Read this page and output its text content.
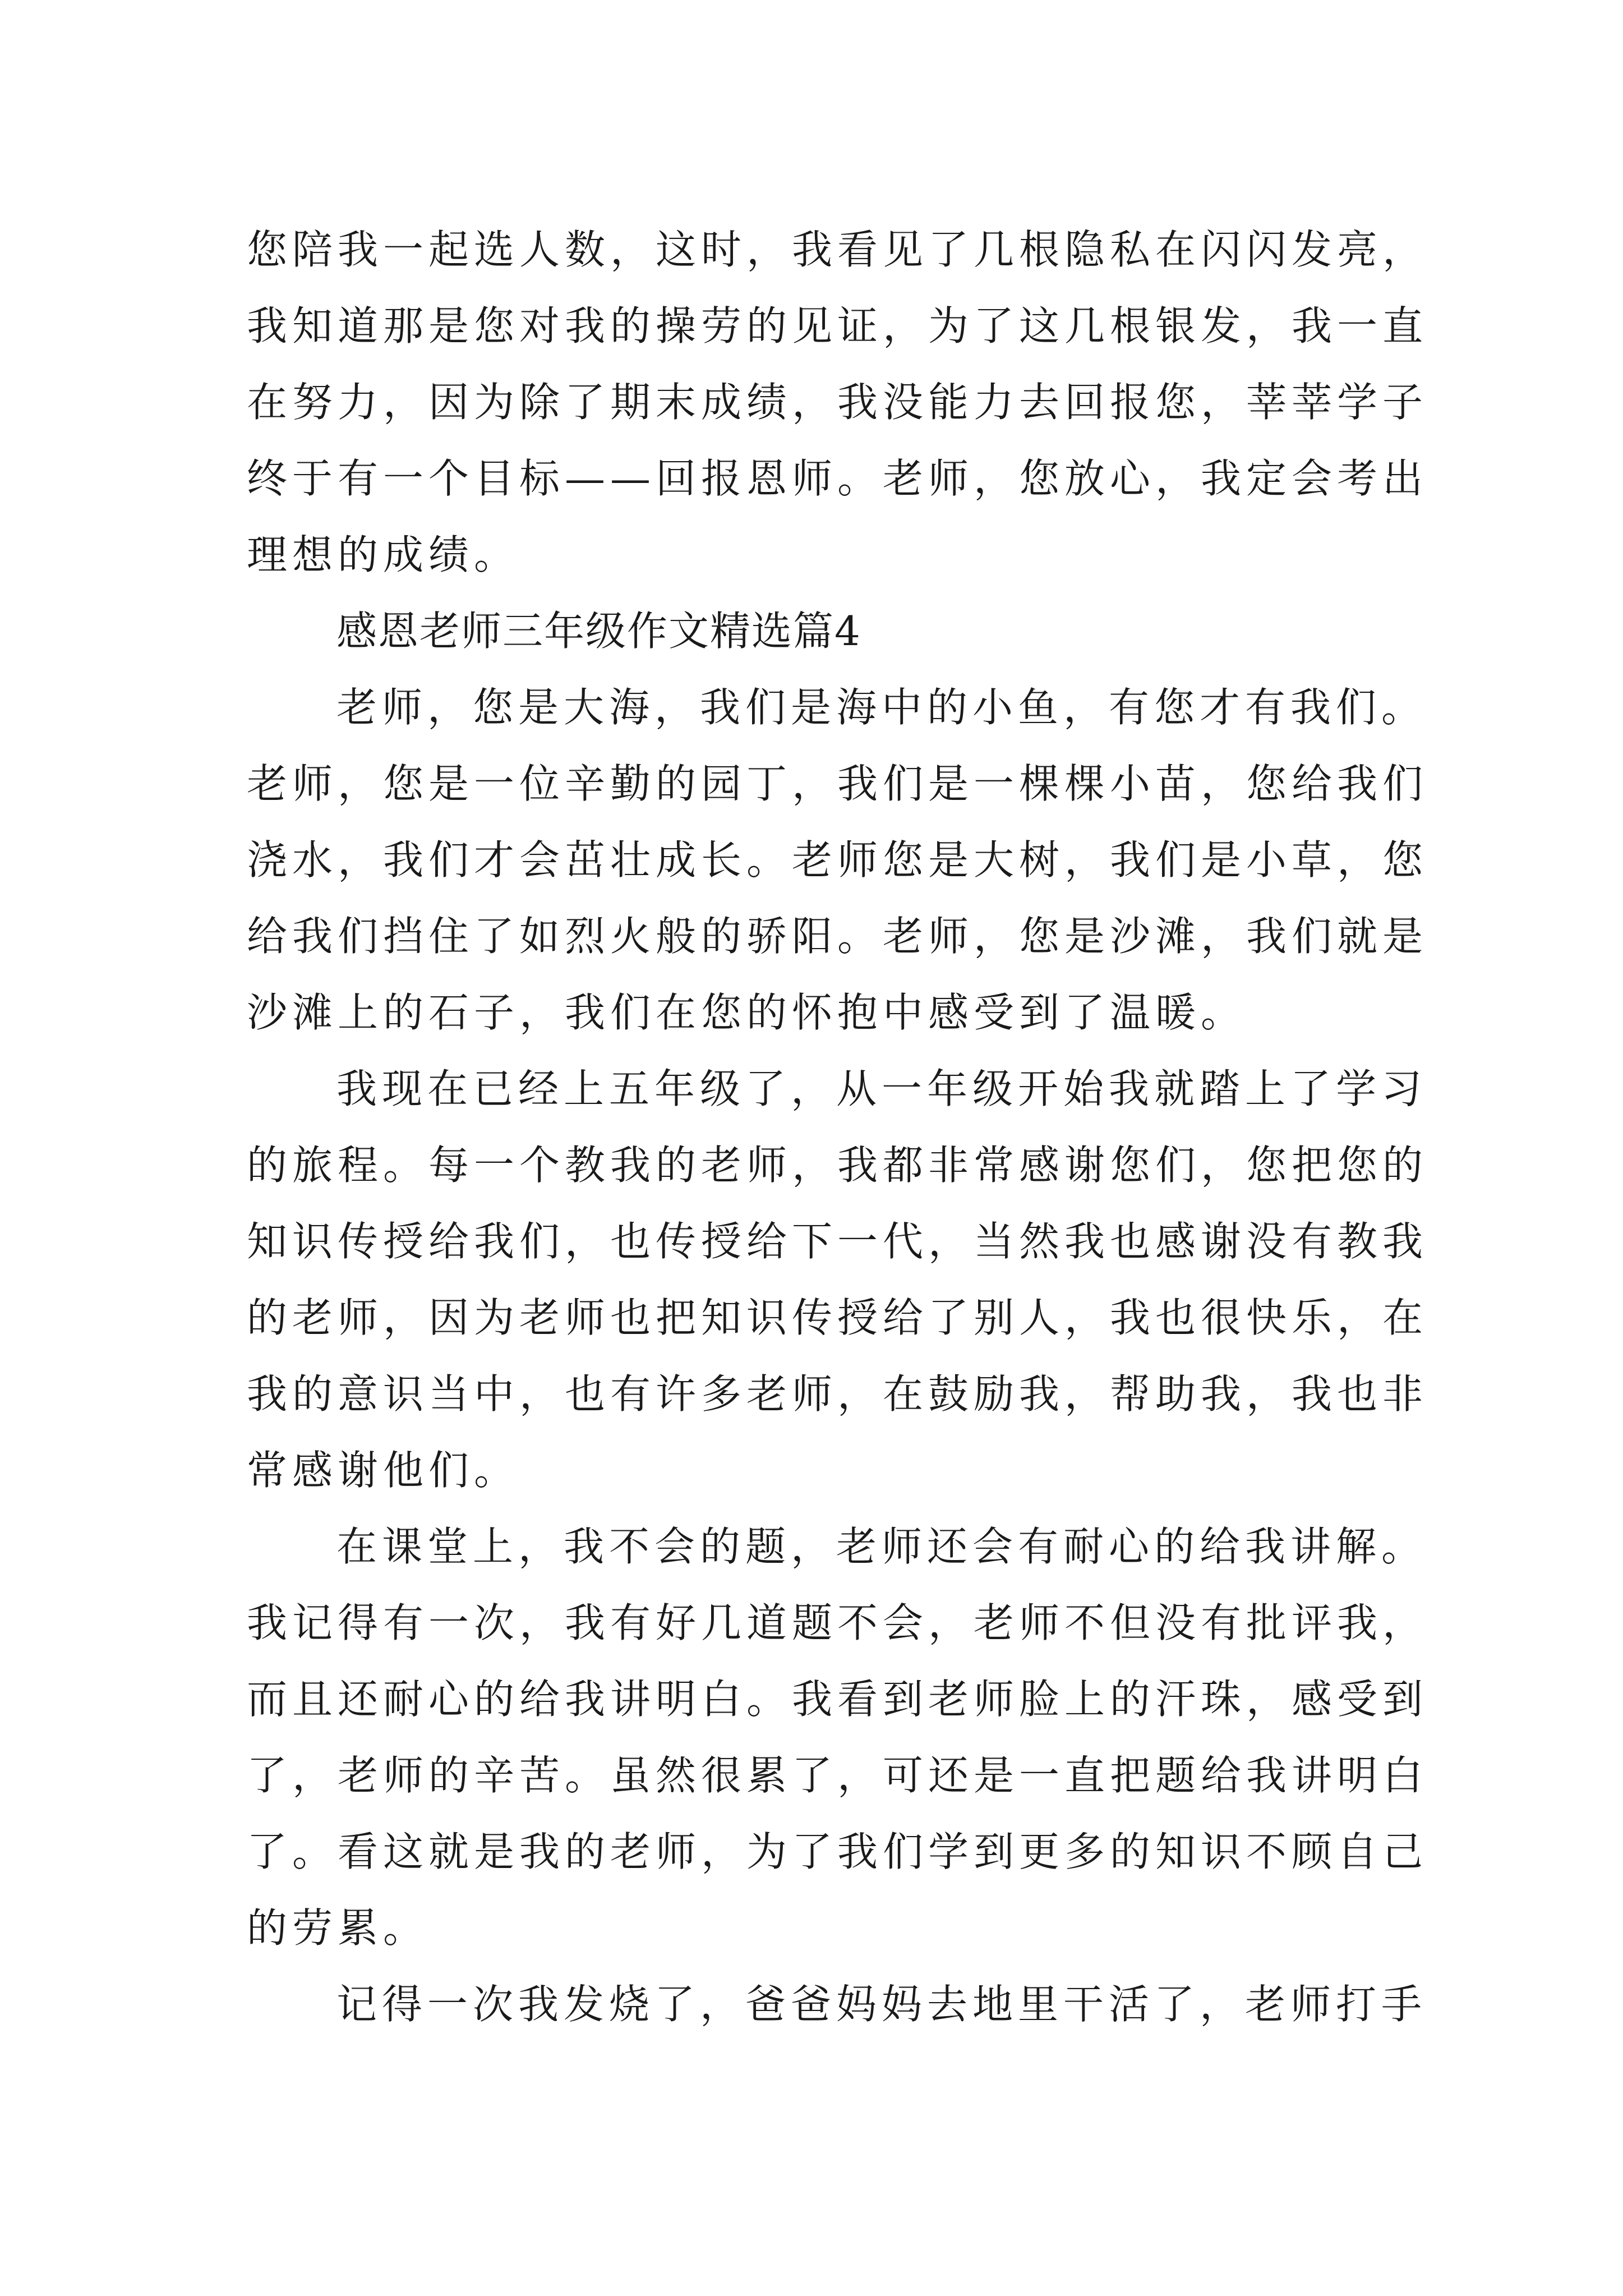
您陪我一起选人数，这时，我看见了几根隐私在闪闪发亮，
我知道那是您对我的操劳的见证，为了这几根银发，我一直
在努力，因为除了期末成绩，我没能力去回报您，莘莘学子
终于有一个目标——回报恩师。老师，您放心，我定会考出
理想的成绩。
感恩老师三年级作文精选篇4
老师，您是大海，我们是海中的小鱼，有您才有我们。
老师，您是一位辛勤的园丁，我们是一棵棵小苗，您给我们
浇水，我们才会茁壮成长。老师您是大树，我们是小草，您
给我们挡住了如烈火般的骄阳。老师，您是沙滩，我们就是
沙滩上的石子，我们在您的怀抱中感受到了温暖。
我现在已经上五年级了，从一年级开始我就踏上了学习
的旅程。每一个教我的老师，我都非常感谢您们，您把您的
知识传授给我们，也传授给下一代，当然我也感谢没有教我
的老师，因为老师也把知识传授给了别人，我也很快乐，在
我的意识当中，也有许多老师，在鼓励我，帮助我，我也非
常感谢他们。
在课堂上，我不会的题，老师还会有耐心的给我讲解。
我记得有一次，我有好几道题不会，老师不但没有批评我，
而且还耐心的给我讲明白。我看到老师脸上的汗珠，感受到
了，老师的辛苦。虽然很累了，可还是一直把题给我讲明白
了。看这就是我的老师，为了我们学到更多的知识不顾自己
的劳累。
记得一次我发烧了，爸爸妈妈去地里干活了，老师打手
